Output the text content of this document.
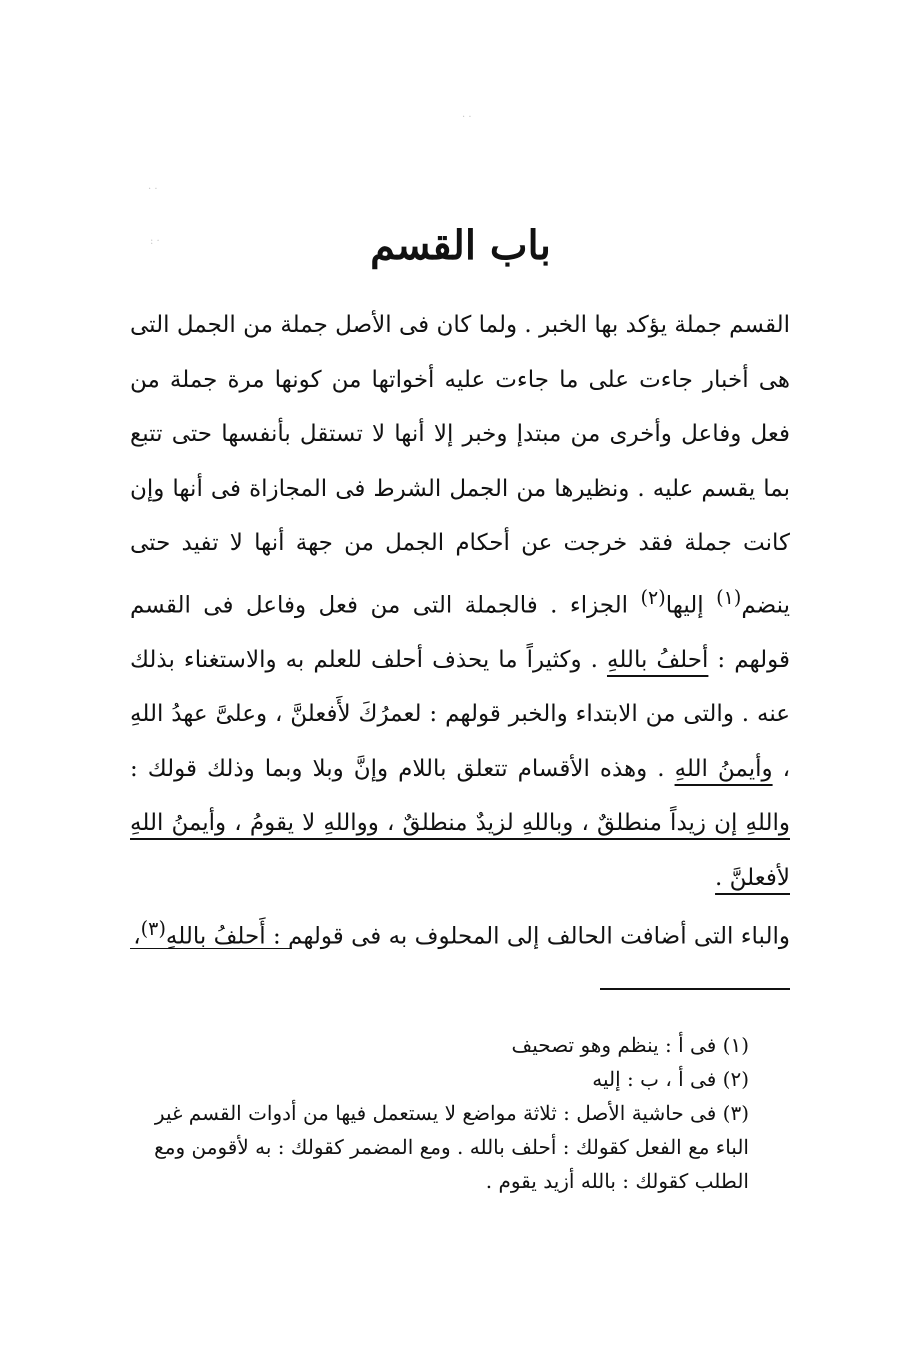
· ·
· ·
: ·	باب القسم

القسم جملة يؤكد بها الخبر . ولما كان فى الأصل جملة من الجمل التى هى أخبار جاءت على ما جاءت عليه أخواتها من كونها مرة جملة من فعل وفاعل وأخرى من مبتدإ وخبر إلا أنها لا تستقل بأنفسها حتى تتبع بما يقسم عليه . ونظيرها من الجمل الشرط فى المجازاة فى أنها وإن كانت جملة فقد خرجت عن أحكام الجمل من جهة أنها لا تفيد حتى ينضم$^{(١)}$ إليها$^{(٢)}$ الجزاء . فالجملة التى من فعل وفاعل فى القسم قولهم : أحلفُ باللهِ . وكثيراً ما يحذف أحلف للعلم به والاستغناء بذلك عنه . والتى من الابتداء والخبر قولهم : لعمرُكَ لأَفعلنَّ ، وعلىَّ عهدُ اللهِ ، وأيمنُ اللهِ . وهذه الأقسام تتعلق باللام وإنَّ وبلا وبما وذلك قولك : واللهِ إن زيداً منطلقٌ ، وباللهِ لزيدٌ منطلقٌ ، وواللهِ لا يقومُ ، وأيمنُ اللهِ لأفعلنَّ .

والباء التى أضافت الحالف إلى المحلوف به فى قولهم : أَحلفُ باللهِ$^{(٣)}$،

(١) فى أ : ينظم وهو تصحيف
(٢) فى أ ، ب : إليه
(٣) فى حاشية الأصل : ثلاثة مواضع لا يستعمل فيها من أدوات القسم غير الباء مع الفعل كقولك : أحلف بالله . ومع المضمر كقولك : به لأقومن ومع الطلب كقولك : بالله أزيد يقوم .
